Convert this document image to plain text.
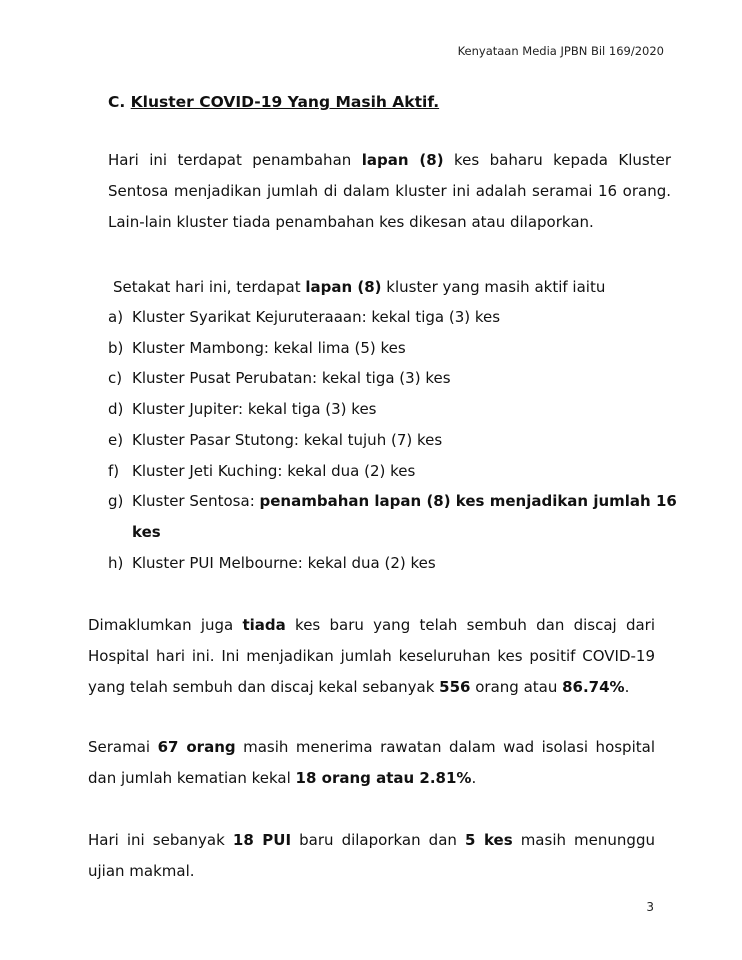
Kenyataan Media JPBN Bil 169/2020
C. Kluster COVID-19 Yang Masih Aktif.

Hari ini terdapat penambahan lapan (8) kes baharu kepada Kluster Sentosa menjadikan jumlah di dalam kluster ini adalah seramai 16 orang. Lain-lain kluster tiada penambahan kes dikesan atau dilaporkan.

Setakat hari ini, terdapat lapan (8) kluster yang masih aktif iaitu

a) Kluster Syarikat Kejuruteraaan: kekal tiga (3) kes
b) Kluster Mambong: kekal lima (5) kes
c) Kluster Pusat Perubatan: kekal tiga (3) kes
d) Kluster Jupiter: kekal tiga (3) kes
e) Kluster Pasar Stutong: kekal tujuh (7) kes
f) Kluster Jeti Kuching: kekal dua (2) kes
g) Kluster Sentosa: penambahan lapan (8) kes menjadikan jumlah 16 kes
h) Kluster PUI Melbourne: kekal dua (2) kes

Dimaklumkan juga tiada kes baru yang telah sembuh dan discaj dari Hospital hari ini. Ini menjadikan jumlah keseluruhan kes positif COVID-19 yang telah sembuh dan discaj kekal sebanyak 556 orang atau 86.74%.

Seramai 67 orang masih menerima rawatan dalam wad isolasi hospital dan jumlah kematian kekal 18 orang atau 2.81%.

Hari ini sebanyak 18 PUI baru dilaporkan dan 5 kes masih menunggu ujian makmal.

3
